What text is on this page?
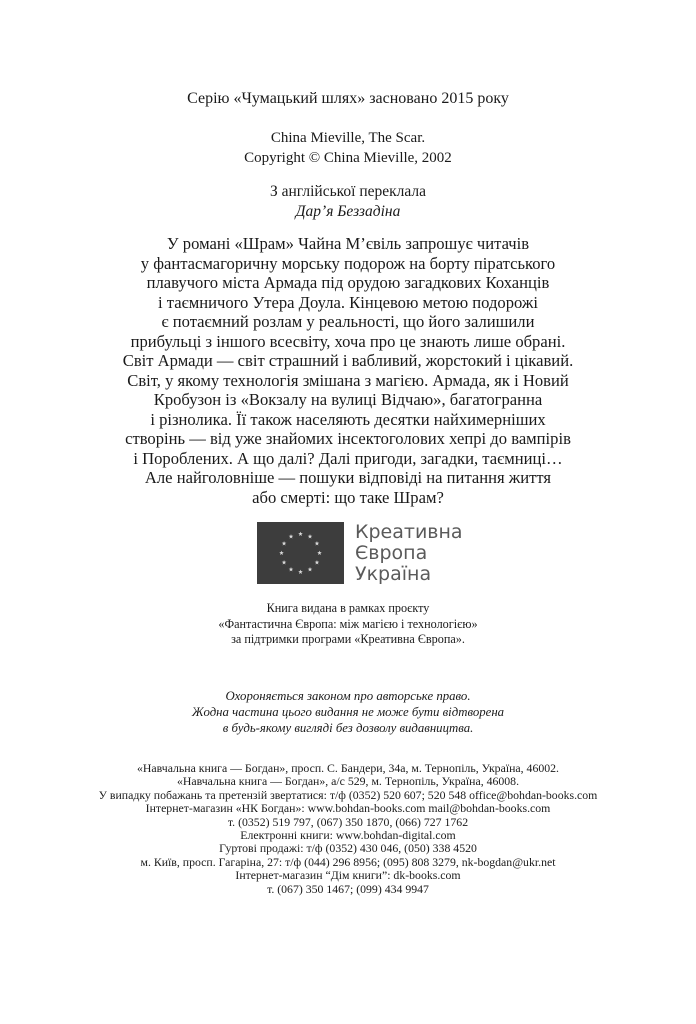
Серію «Чумацький шлях» засновано 2015 року
China Mieville, The Scar.
Copyright © China Mieville, 2002
З англійської переклала
Дар’я Беззадіна
У романі «Шрам» Чайна М’євіль запрошує читачів
у фантасмагоричну морську подорож на борту піратського
плавучого міста Армада під орудою загадкових Коханців
і таємничого Утера Доула. Кінцевою метою подорожі
є потаємний розлам у реальності, що його залишили
прибульці з іншого всесвіту, хоча про це знають лише обрані.
Світ Армади — світ страшний і вабливий, жорстокий і цікавий.
Світ, у якому технологія змішана з магією. Армада, як і Новий
Кробузон із «Вокзалу на вулиці Відчаю», багатогранна
і різнолика. Її також населяють десятки найхимерніших
створінь — від уже знайомих інсектоголових хепрі до вампірів
і Пороблених. А що далі? Далі пригоди, загадки, таємниці…
Але найголовніше — пошуки відповіді на питання життя
або смерті: що таке Шрам?
Креативна
Європа
Україна
Книга видана в рамках проєкту
«Фантастична Європа: між магією і технологією»
за підтримки програми «Креативна Європа».
Охороняється законом про авторське право.
Жодна частина цього видання не може бути відтворена
в будь-якому вигляді без дозволу видавництва.
«Навчальна книга — Богдан», просп. С. Бандери, 34а, м. Тернопіль, Україна, 46002.
«Навчальна книга — Богдан», а/с 529, м. Тернопіль, Україна, 46008.
У випадку побажань та претензій звертатися: т/ф (0352) 520 607; 520 548 office@bohdan-books.com
Інтернет-магазин «НК Богдан»: www.bohdan-books.com mail@bohdan-books.com
т. (0352) 519 797, (067) 350 1870, (066) 727 1762
Електронні книги: www.bohdan-digital.com
Гуртові продажі: т/ф (0352) 430 046, (050) 338 4520
м. Київ, просп. Гагаріна, 27: т/ф (044) 296 8956; (095) 808 3279, nk-bogdan@ukr.net
Інтернет-магазин “Дім книги”: dk-books.com
т. (067) 350 1467; (099) 434 9947
